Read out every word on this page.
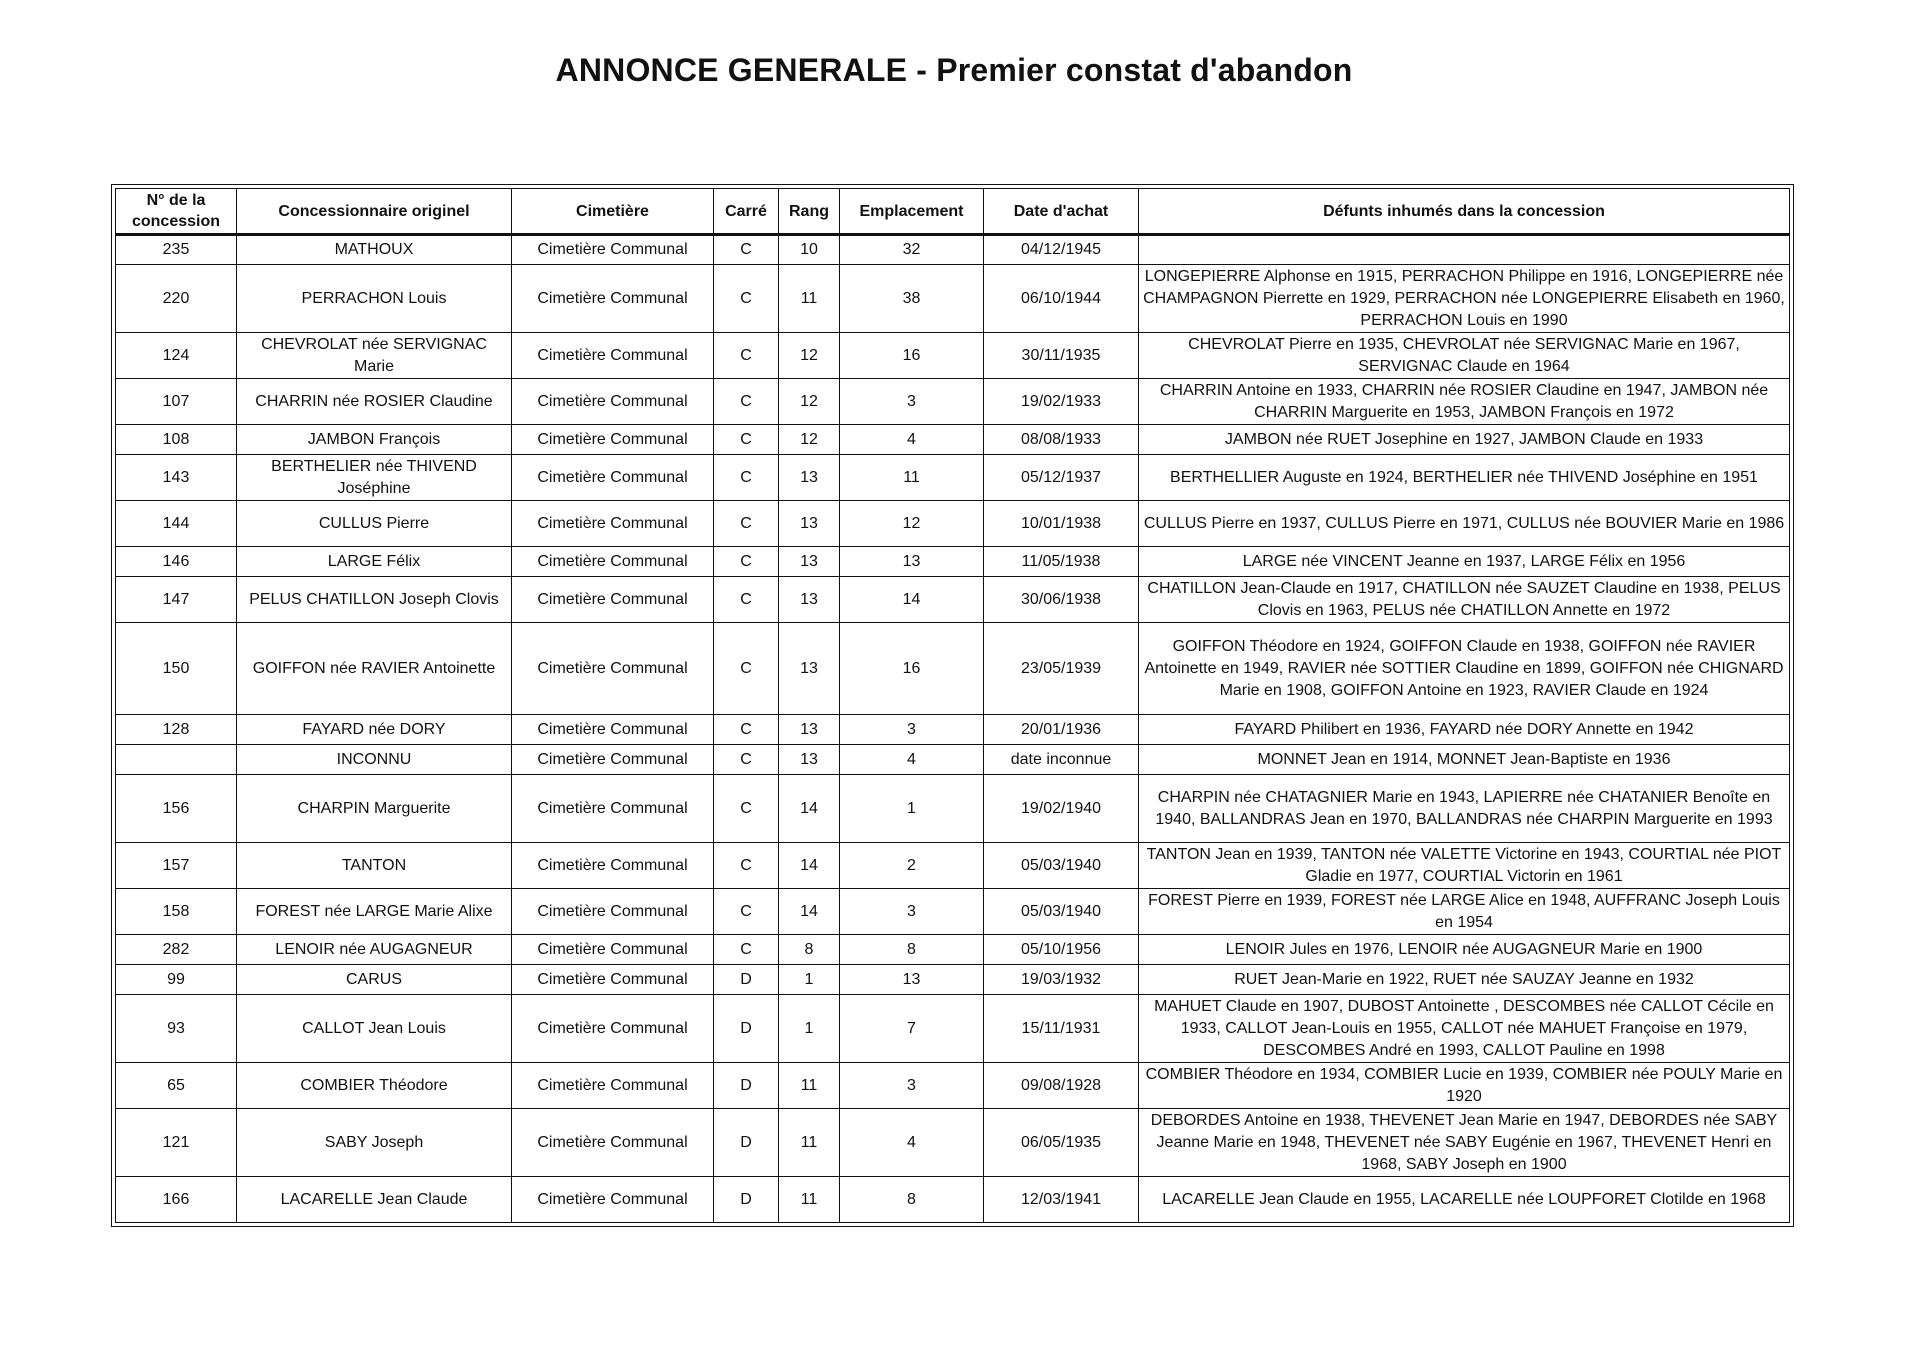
ANNONCE GENERALE - Premier constat d'abandon
N° de la concession	Concessionnaire originel	Cimetière	Carré	Rang	Emplacement	Date d'achat	Défunts inhumés dans la concession
235	MATHOUX	Cimetière Communal	C	10	32	04/12/1945	
220	PERRACHON Louis	Cimetière Communal	C	11	38	06/10/1944	LONGEPIERRE Alphonse en 1915, PERRACHON Philippe en 1916, LONGEPIERRE née CHAMPAGNON Pierrette en 1929, PERRACHON née LONGEPIERRE Elisabeth en 1960, PERRACHON Louis en 1990
124	CHEVROLAT née SERVIGNAC Marie	Cimetière Communal	C	12	16	30/11/1935	CHEVROLAT Pierre en 1935, CHEVROLAT née SERVIGNAC Marie en 1967, SERVIGNAC Claude en 1964
107	CHARRIN née ROSIER Claudine	Cimetière Communal	C	12	3	19/02/1933	CHARRIN Antoine en 1933, CHARRIN née ROSIER Claudine en 1947, JAMBON née CHARRIN Marguerite en 1953, JAMBON François en 1972
108	JAMBON François	Cimetière Communal	C	12	4	08/08/1933	JAMBON née RUET Josephine en 1927, JAMBON Claude en 1933
143	BERTHELIER née THIVEND Joséphine	Cimetière Communal	C	13	11	05/12/1937	BERTHELLIER Auguste en 1924, BERTHELIER née THIVEND Joséphine en 1951
144	CULLUS Pierre	Cimetière Communal	C	13	12	10/01/1938	CULLUS Pierre en 1937, CULLUS Pierre en 1971, CULLUS née BOUVIER Marie en 1986
146	LARGE Félix	Cimetière Communal	C	13	13	11/05/1938	LARGE née VINCENT Jeanne en 1937, LARGE Félix en 1956
147	PELUS CHATILLON Joseph Clovis	Cimetière Communal	C	13	14	30/06/1938	CHATILLON Jean-Claude en 1917, CHATILLON née SAUZET Claudine en 1938, PELUS Clovis en 1963, PELUS née CHATILLON Annette en 1972
150	GOIFFON née RAVIER Antoinette	Cimetière Communal	C	13	16	23/05/1939	GOIFFON Théodore en 1924, GOIFFON Claude en 1938, GOIFFON née RAVIER Antoinette en 1949, RAVIER née SOTTIER Claudine en 1899, GOIFFON née CHIGNARD Marie en 1908, GOIFFON Antoine en 1923, RAVIER Claude en 1924
128	FAYARD née DORY	Cimetière Communal	C	13	3	20/01/1936	FAYARD Philibert en 1936, FAYARD née DORY Annette en 1942
	INCONNU	Cimetière Communal	C	13	4	date inconnue	MONNET Jean en 1914, MONNET Jean-Baptiste en 1936
156	CHARPIN Marguerite	Cimetière Communal	C	14	1	19/02/1940	CHARPIN née CHATAGNIER Marie en 1943, LAPIERRE née CHATANIER Benoîte en 1940, BALLANDRAS Jean en 1970, BALLANDRAS née CHARPIN Marguerite en 1993
157	TANTON	Cimetière Communal	C	14	2	05/03/1940	TANTON Jean en 1939, TANTON née VALETTE Victorine en 1943, COURTIAL née PIOT Gladie en 1977, COURTIAL Victorin en 1961
158	FOREST née LARGE Marie Alixe	Cimetière Communal	C	14	3	05/03/1940	FOREST Pierre en 1939, FOREST née LARGE Alice en 1948, AUFFRANC Joseph Louis en 1954
282	LENOIR née AUGAGNEUR	Cimetière Communal	C	8	8	05/10/1956	LENOIR Jules en 1976, LENOIR née AUGAGNEUR Marie en 1900
99	CARUS	Cimetière Communal	D	1	13	19/03/1932	RUET Jean-Marie en 1922, RUET née SAUZAY Jeanne en 1932
93	CALLOT Jean Louis	Cimetière Communal	D	1	7	15/11/1931	MAHUET Claude en 1907, DUBOST Antoinette , DESCOMBES née CALLOT Cécile en 1933, CALLOT Jean-Louis en 1955, CALLOT née MAHUET Françoise en 1979, DESCOMBES André en 1993, CALLOT Pauline en 1998
65	COMBIER Théodore	Cimetière Communal	D	11	3	09/08/1928	COMBIER Théodore en 1934, COMBIER Lucie en 1939, COMBIER née POULY Marie en 1920
121	SABY Joseph	Cimetière Communal	D	11	4	06/05/1935	DEBORDES Antoine en 1938, THEVENET Jean Marie en 1947, DEBORDES née SABY Jeanne Marie en 1948, THEVENET née SABY Eugénie en 1967, THEVENET Henri en 1968, SABY Joseph en 1900
166	LACARELLE Jean Claude	Cimetière Communal	D	11	8	12/03/1941	LACARELLE Jean Claude en 1955, LACARELLE née LOUPFORET Clotilde en 1968
